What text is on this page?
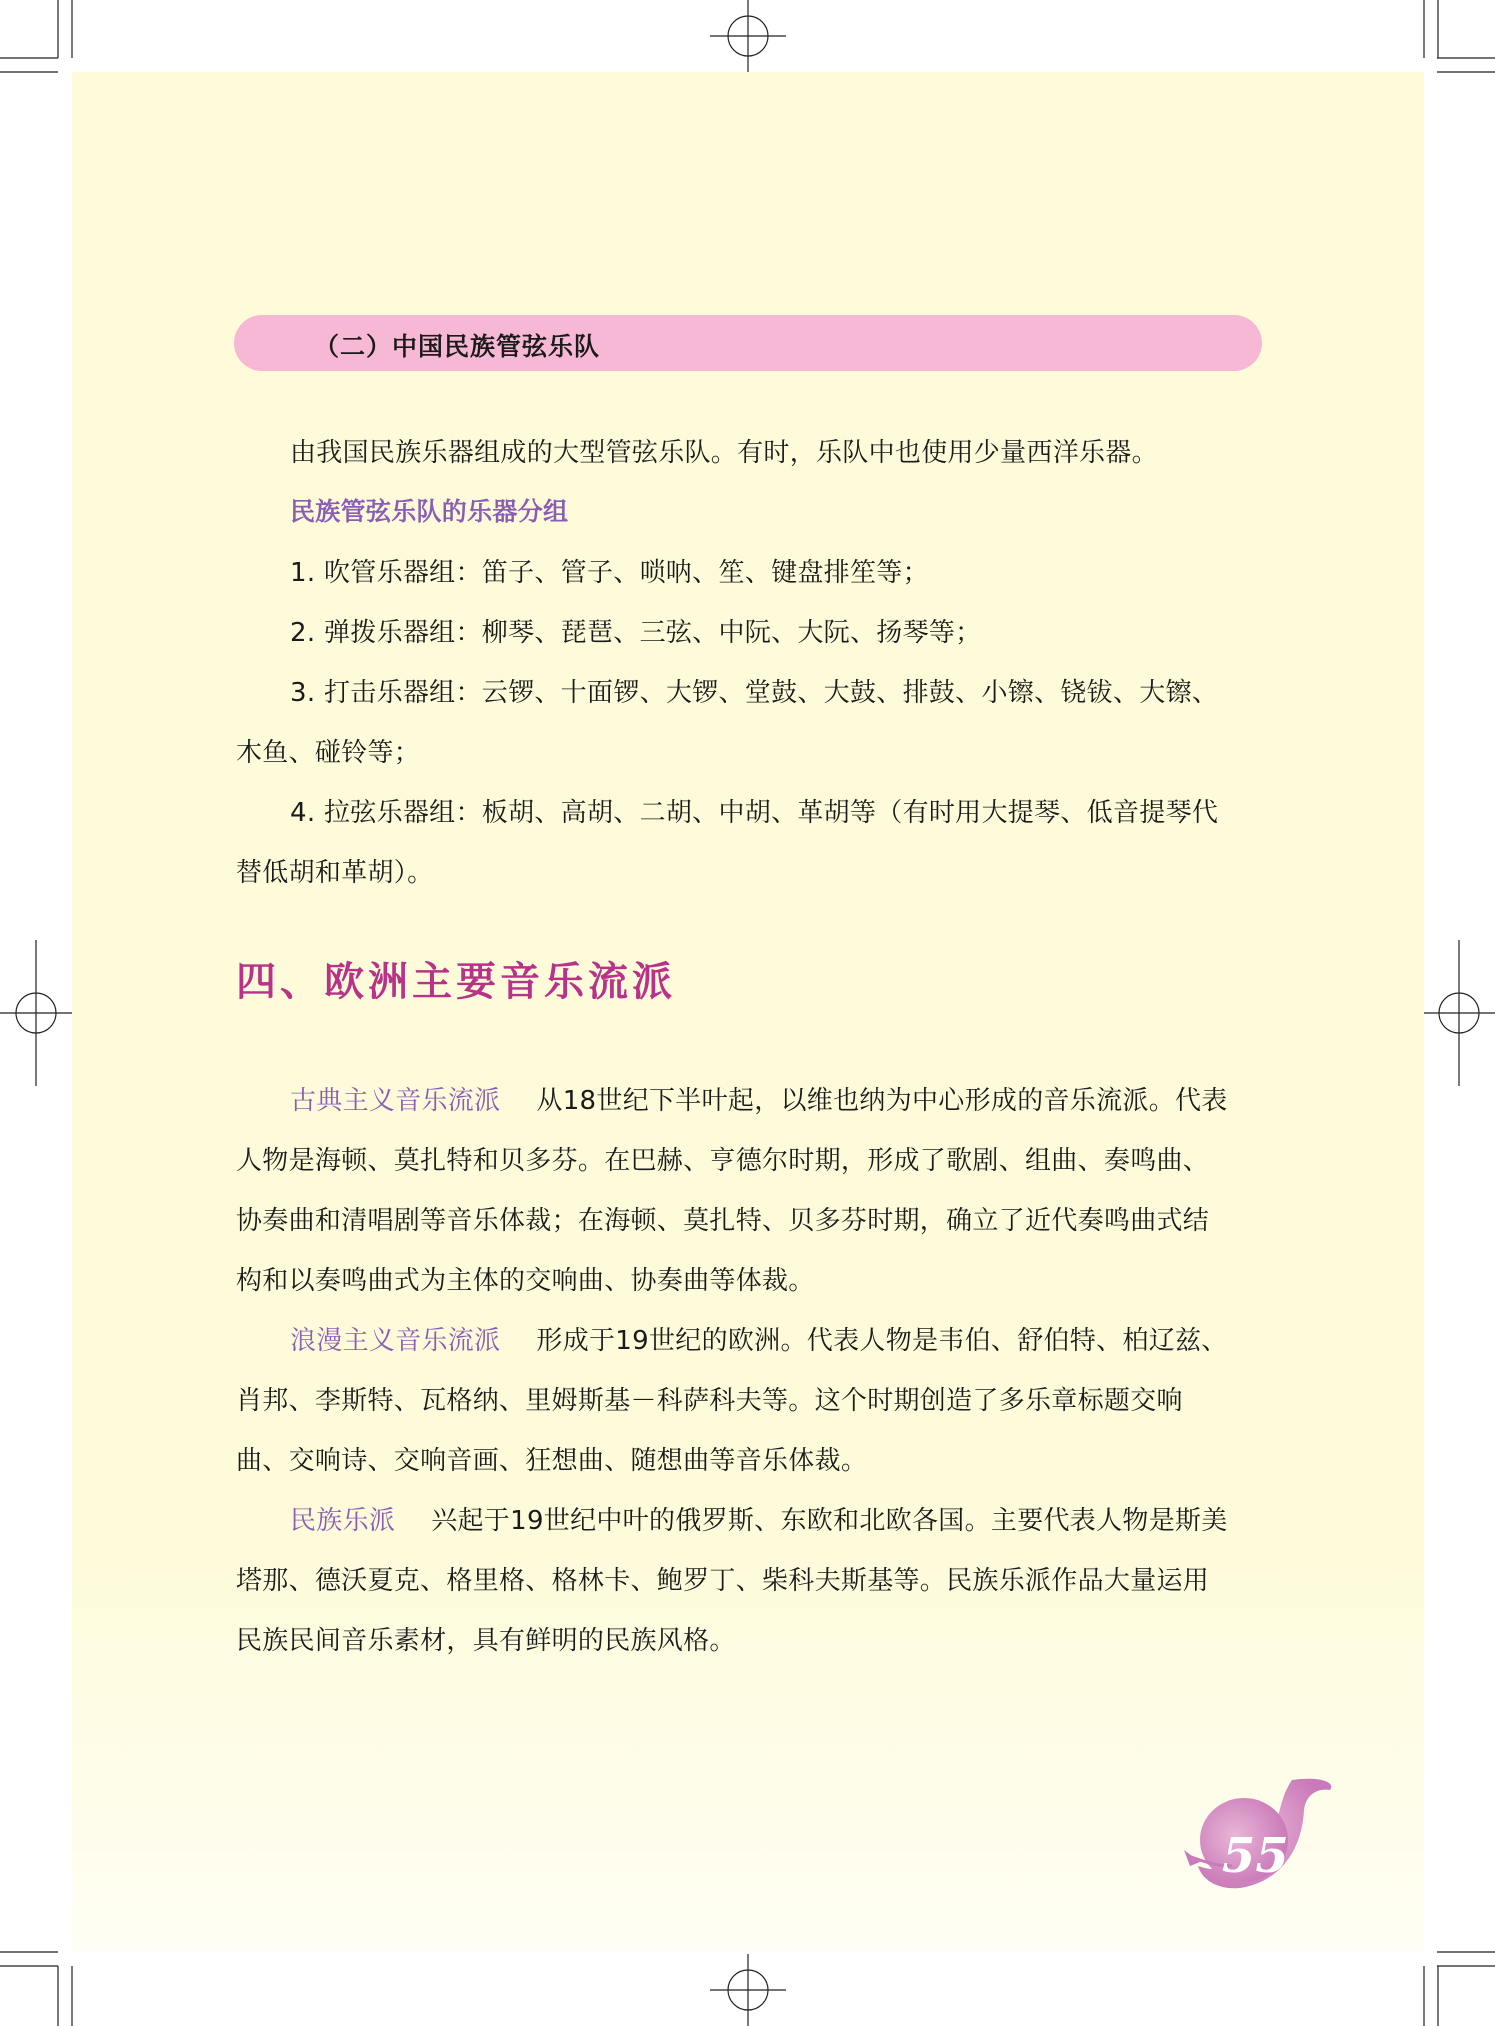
（二）中国民族管弦乐队
由我国民族乐器组成的大型管弦乐队。有时，乐队中也使用少量西洋乐器。
民族管弦乐队的乐器分组
1. 吹管乐器组：笛子、管子、唢呐、笙、键盘排笙等；
2. 弹拨乐器组：柳琴、琵琶、三弦、中阮、大阮、扬琴等；
3. 打击乐器组：云锣、十面锣、大锣、堂鼓、大鼓、排鼓、小镲、铙钹、大镲、
木鱼、碰铃等；
4. 拉弦乐器组：板胡、高胡、二胡、中胡、革胡等（有时用大提琴、低音提琴代
替低胡和革胡）。
四、欧洲主要音乐流派
古典主义音乐流派 从18世纪下半叶起，以维也纳为中心形成的音乐流派。代表
人物是海顿、莫扎特和贝多芬。在巴赫、亨德尔时期，形成了歌剧、组曲、奏鸣曲、
协奏曲和清唱剧等音乐体裁；在海顿、莫扎特、贝多芬时期，确立了近代奏鸣曲式结
构和以奏鸣曲式为主体的交响曲、协奏曲等体裁。
浪漫主义音乐流派 形成于19世纪的欧洲。代表人物是韦伯、舒伯特、柏辽兹、
肖邦、李斯特、瓦格纳、里姆斯基－科萨科夫等。这个时期创造了多乐章标题交响
曲、交响诗、交响音画、狂想曲、随想曲等音乐体裁。
民族乐派 兴起于19世纪中叶的俄罗斯、东欧和北欧各国。主要代表人物是斯美
塔那、德沃夏克、格里格、格林卡、鲍罗丁、柴科夫斯基等。民族乐派作品大量运用
民族民间音乐素材，具有鲜明的民族风格。
55
